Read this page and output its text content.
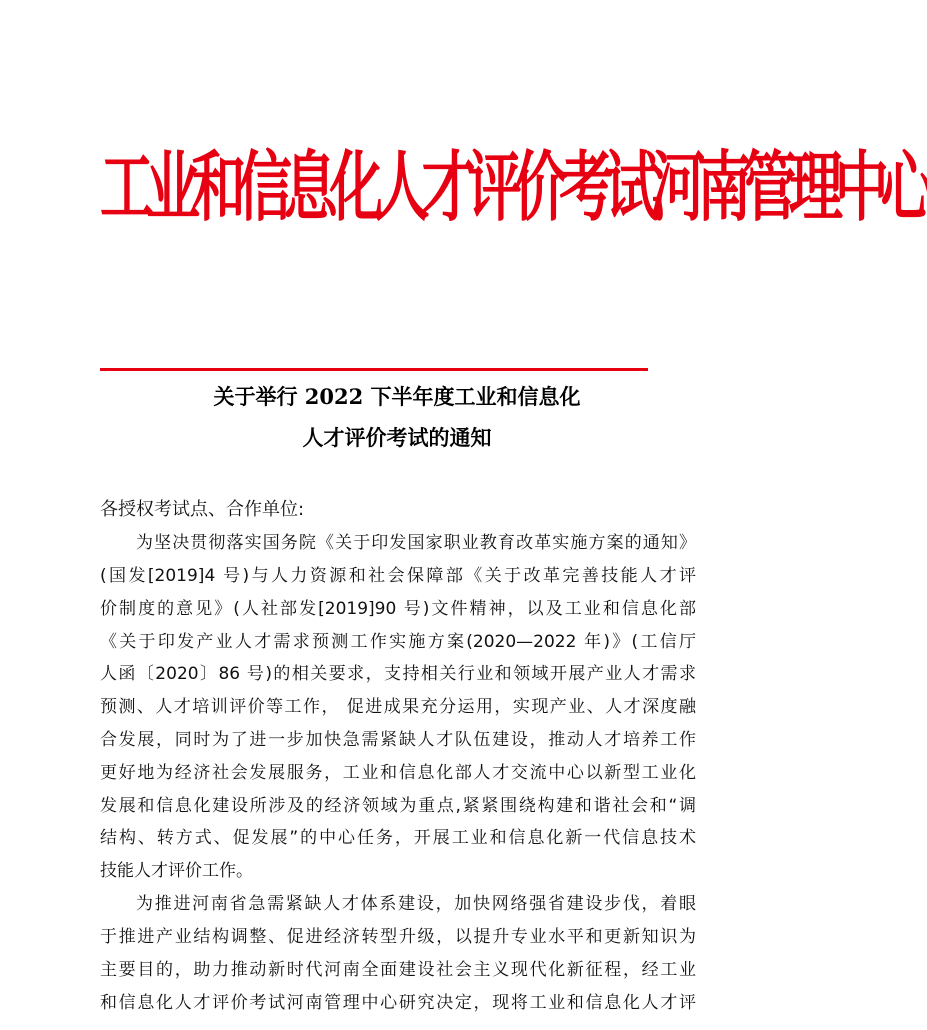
工业和信息化人才评价考试河南管理中心
关于举行 2022 下半年度工业和信息化
人才评价考试的通知
各授权考试点、合作单位:
为坚决贯彻落实国务院《关于印发国家职业教育改革实施方案的通知》
(国发[2019]4 号)与人力资源和社会保障部《关于改革完善技能人才评
价制度的意见》(人社部发[2019]90 号)文件精神，以及工业和信息化部
《关于印发产业人才需求预测工作实施方案(2020—2022 年)》(工信厅
人函〔2020〕86 号)的相关要求，支持相关行业和领域开展产业人才需求
预测、人才培训评价等工作， 促进成果充分运用，实现产业、人才深度融
合发展，同时为了进一步加快急需紧缺人才队伍建设，推动人才培养工作
更好地为经济社会发展服务，工业和信息化部人才交流中心以新型工业化
发展和信息化建设所涉及的经济领域为重点,紧紧围绕构建和谐社会和“调
结构、转方式、促发展”的中心任务，开展工业和信息化新一代信息技术
技能人才评价工作。
为推进河南省急需紧缺人才体系建设，加快网络强省建设步伐，着眼
于推进产业结构调整、促进经济转型升级，以提升专业水平和更新知识为
主要目的，助力推动新时代河南全面建设社会主义现代化新征程，经工业
和信息化人才评价考试河南管理中心研究决定，现将工业和信息化人才评
